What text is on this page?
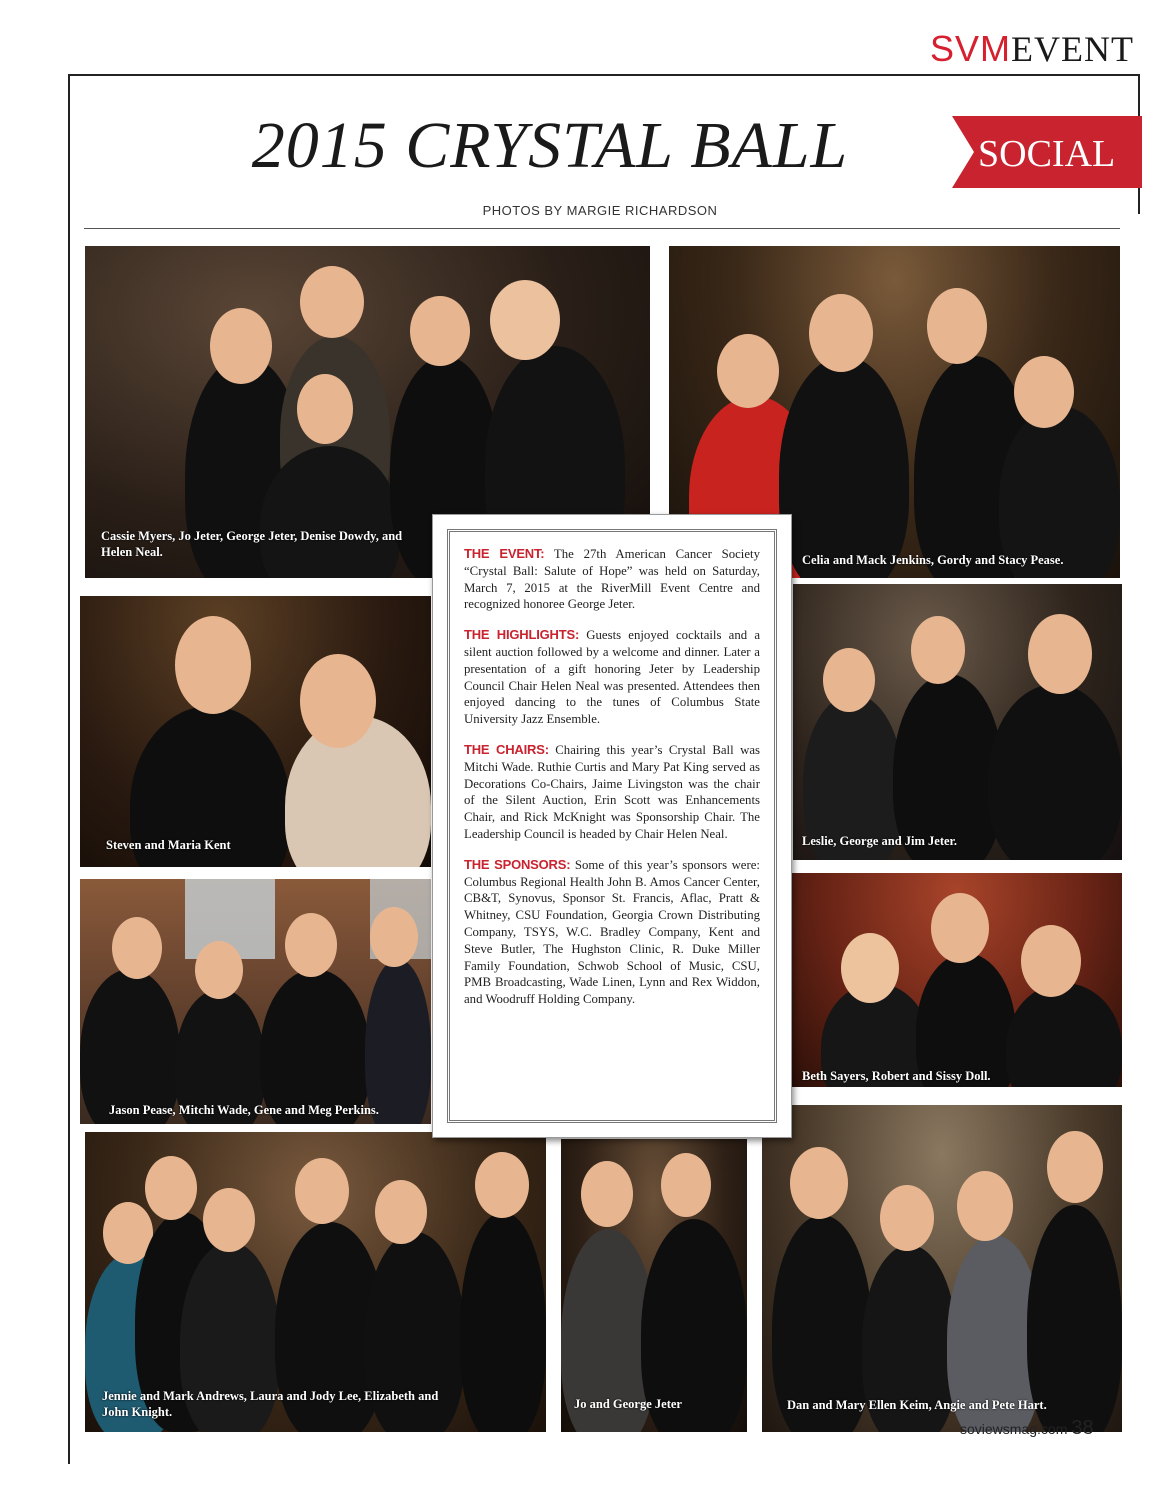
SVMEVENT
2015 CRYSTAL BALL	SOCIAL
PHOTOS BY MARGIE RICHARDSON
Cassie Myers, Jo Jeter, George Jeter, Denise Dowdy, and Helen Neal.
Celia and Mack Jenkins, Gordy and Stacy Pease.
Steven and Maria Kent	Leslie, George and Jim Jeter.
Jason Pease, Mitchi Wade, Gene and Meg Perkins.
Beth Sayers, Robert and Sissy Doll.
Jennie and Mark Andrews, Laura and Jody Lee, Elizabeth and John Knight.
Jo and George Jeter	Dan and Mary Ellen Keim, Angie and Pete Hart.

THE EVENT: The 27th American Cancer Society “Crystal Ball: Salute of Hope” was held on Saturday, March 7, 2015 at the RiverMill Event Centre and recognized honoree George Jeter.

THE HIGHLIGHTS: Guests enjoyed cocktails and a silent auction followed by a welcome and dinner. Later a presentation of a gift honoring Jeter by Leadership Council Chair Helen Neal was presented. Attendees then enjoyed dancing to the tunes of Columbus State University Jazz Ensemble.

THE CHAIRS: Chairing this year’s Crystal Ball was Mitchi Wade. Ruthie Curtis and Mary Pat King served as Decorations Co-Chairs, Jaime Livingston was the chair of the Silent Auction, Erin Scott was Enhancements Chair, and Rick McKnight was Sponsorship Chair. The Leadership Council is headed by Chair Helen Neal.

THE SPONSORS: Some of this year’s sponsors were: Columbus Regional Health John B. Amos Cancer Center, CB&T, Synovus, Sponsor St. Francis, Aflac, Pratt & Whitney, CSU Foundation, Georgia Crown Distributing Company, TSYS, W.C. Bradley Company, Kent and Steve Butler, The Hughston Clinic, R. Duke Miller Family Foundation, Schwob School of Music, CSU, PMB Broadcasting, Wade Linen, Lynn and Rex Widdon, and Woodruff Holding Company.

soviewsmag.com 38
